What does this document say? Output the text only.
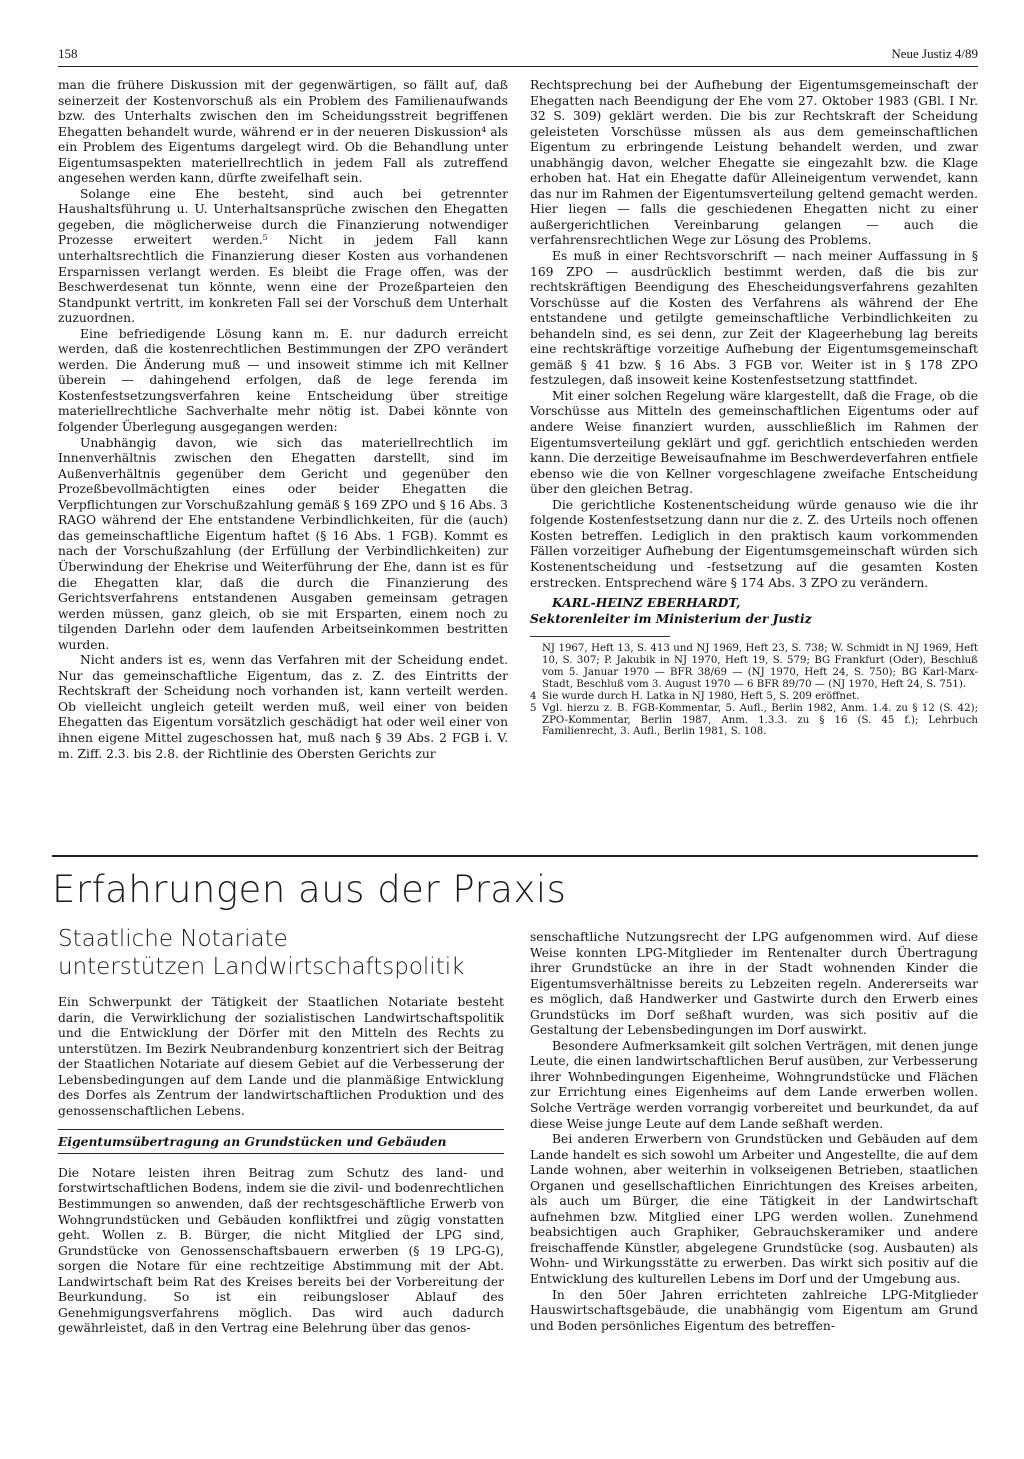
158	Neue Justiz 4/89

man die frühere Diskussion mit der gegenwärtigen, so fällt auf, daß seinerzeit der Kostenvorschuß als ein Problem des Familienaufwands bzw. des Unterhalts zwischen den im Scheidungsstreit begriffenen Ehegatten behandelt wurde, während er in der neueren Diskussion⁴ als ein Problem des Eigentums dargelegt wird. Ob die Behandlung unter Eigentumsaspekten materiellrechtlich in jedem Fall als zutreffend angesehen werden kann, dürfte zweifelhaft sein.

Solange eine Ehe besteht, sind auch bei getrennter Haushaltsführung u. U. Unterhaltsansprüche zwischen den Ehegatten gegeben, die möglicherweise durch die Finanzierung notwendiger Prozesse erweitert werden.⁵ Nicht in jedem Fall kann unterhaltsrechtlich die Finanzierung dieser Kosten aus vorhandenen Ersparnissen verlangt werden. Es bleibt die Frage offen, was der Beschwerdesenat tun könnte, wenn eine der Prozeßparteien den Standpunkt vertritt, im konkreten Fall sei der Vorschuß dem Unterhalt zuzuordnen.

Eine befriedigende Lösung kann m. E. nur dadurch erreicht werden, daß die kostenrechtlichen Bestimmungen der ZPO verändert werden. Die Änderung muß — und insoweit stimme ich mit Kellner überein — dahingehend erfolgen, daß de lege ferenda im Kostenfestsetzungsverfahren keine Entscheidung über streitige materiellrechtliche Sachverhalte mehr nötig ist. Dabei könnte von folgender Überlegung ausgegangen werden:

Unabhängig davon, wie sich das materiellrechtlich im Innenverhältnis zwischen den Ehegatten darstellt, sind im Außenverhältnis gegenüber dem Gericht und gegenüber den Prozeßbevollmächtigten eines oder beider Ehegatten die Verpflichtungen zur Vorschußzahlung gemäß § 169 ZPO und § 16 Abs. 3 RAGO während der Ehe entstandene Verbindlichkeiten, für die (auch) das gemeinschaftliche Eigentum haftet (§ 16 Abs. 1 FGB). Kommt es nach der Vorschußzahlung (der Erfüllung der Verbindlichkeiten) zur Überwindung der Ehekrise und Weiterführung der Ehe, dann ist es für die Ehegatten klar, daß die durch die Finanzierung des Gerichtsverfahrens entstandenen Ausgaben gemeinsam getragen werden müssen, ganz gleich, ob sie mit Ersparten, einem noch zu tilgenden Darlehn oder dem laufenden Arbeitseinkommen bestritten wurden.

Nicht anders ist es, wenn das Verfahren mit der Scheidung endet. Nur das gemeinschaftliche Eigentum, das z. Z. des Eintritts der Rechtskraft der Scheidung noch vorhanden ist, kann verteilt werden. Ob vielleicht ungleich geteilt werden muß, weil einer von beiden Ehegatten das Eigentum vorsätzlich geschädigt hat oder weil einer von ihnen eigene Mittel zugeschossen hat, muß nach § 39 Abs. 2 FGB i. V. m. Ziff. 2.3. bis 2.8. der Richtlinie des Obersten Gerichts zur

Rechtsprechung bei der Aufhebung der Eigentumsgemeinschaft der Ehegatten nach Beendigung der Ehe vom 27. Oktober 1983 (GBl. I Nr. 32 S. 309) geklärt werden. Die bis zur Rechtskraft der Scheidung geleisteten Vorschüsse müssen als aus dem gemeinschaftlichen Eigentum zu erbringende Leistung behandelt werden, und zwar unabhängig davon, welcher Ehegatte sie eingezahlt bzw. die Klage erhoben hat. Hat ein Ehegatte dafür Alleineigentum verwendet, kann das nur im Rahmen der Eigentumsverteilung geltend gemacht werden. Hier liegen — falls die geschiedenen Ehegatten nicht zu einer außergerichtlichen Vereinbarung gelangen — auch die verfahrensrechtlichen Wege zur Lösung des Problems.

Es muß in einer Rechtsvorschrift — nach meiner Auffassung in § 169 ZPO — ausdrücklich bestimmt werden, daß die bis zur rechtskräftigen Beendigung des Ehescheidungsverfahrens gezahlten Vorschüsse auf die Kosten des Verfahrens als während der Ehe entstandene und getilgte gemeinschaftliche Verbindlichkeiten zu behandeln sind, es sei denn, zur Zeit der Klageerhebung lag bereits eine rechtskräftige vorzeitige Aufhebung der Eigentumsgemeinschaft gemäß § 41 bzw. § 16 Abs. 3 FGB vor. Weiter ist in § 178 ZPO festzulegen, daß insoweit keine Kostenfestsetzung stattfindet.

Mit einer solchen Regelung wäre klargestellt, daß die Frage, ob die Vorschüsse aus Mitteln des gemeinschaftlichen Eigentums oder auf andere Weise finanziert wurden, ausschließlich im Rahmen der Eigentumsverteilung geklärt und ggf. gerichtlich entschieden werden kann. Die derzeitige Beweisaufnahme im Beschwerdeverfahren entfiele ebenso wie die von Kellner vorgeschlagene zweifache Entscheidung über den gleichen Betrag.

Die gerichtliche Kostenentscheidung würde genauso wie die ihr folgende Kostenfestsetzung dann nur die z. Z. des Urteils noch offenen Kosten betreffen. Lediglich in den praktisch kaum vorkommenden Fällen vorzeitiger Aufhebung der Eigentumsgemeinschaft würden sich Kostenentscheidung und -festsetzung auf die gesamten Kosten erstrecken. Entsprechend wäre § 174 Abs. 3 ZPO zu verändern.

KARL-HEINZ EBERHARDT,

Sektorenleiter im Ministerium der Justiz

NJ 1967, Heft 13, S. 413 und NJ 1969, Heft 23, S. 738; W. Schmidt in NJ 1969, Heft 10, S. 307; P. Jakubik in NJ 1970, Heft 19, S. 579; BG Frankfurt (Oder), Beschluß vom 5. Januar 1970 — BFR 38/69 — (NJ 1970, Heft 24, S. 750); BG Karl-Marx-Stadt, Beschluß vom 3. August 1970 — 6 BFR 89/70 — (NJ 1970, Heft 24, S. 751).

4 Sie wurde durch H. Latka in NJ 1980, Heft 5, S. 209 eröffnet.

5 Vgl. hierzu z. B. FGB-Kommentar, 5. Aufl., Berlin 1982, Anm. 1.4. zu § 12 (S. 42); ZPO-Kommentar, Berlin 1987, Anm. 1.3.3. zu § 16 (S. 45 f.); Lehrbuch Familienrecht, 3. Aufl., Berlin 1981, S. 108.

Erfahrungen aus der Praxis
Staatliche Notariate
unterstützen Landwirtschaftspolitik

Ein Schwerpunkt der Tätigkeit der Staatlichen Notariate besteht darin, die Verwirklichung der sozialistischen Landwirtschaftspolitik und die Entwicklung der Dörfer mit den Mitteln des Rechts zu unterstützen. Im Bezirk Neubrandenburg konzentriert sich der Beitrag der Staatlichen Notariate auf diesem Gebiet auf die Verbesserung der Lebensbedingungen auf dem Lande und die planmäßige Entwicklung des Dorfes als Zentrum der landwirtschaftlichen Produktion und des genossenschaftlichen Lebens.

Eigentumsübertragung an Grundstücken und Gebäuden

Die Notare leisten ihren Beitrag zum Schutz des land- und forstwirtschaftlichen Bodens, indem sie die zivil- und bodenrechtlichen Bestimmungen so anwenden, daß der rechtsgeschäftliche Erwerb von Wohngrundstücken und Gebäuden konfliktfrei und zügig vonstatten geht. Wollen z. B. Bürger, die nicht Mitglied der LPG sind, Grundstücke von Genossenschaftsbauern erwerben (§ 19 LPG-G), sorgen die Notare für eine rechtzeitige Abstimmung mit der Abt. Landwirtschaft beim Rat des Kreises bereits bei der Vorbereitung der Beurkundung. So ist ein reibungsloser Ablauf des Genehmigungsverfahrens möglich. Das wird auch dadurch gewährleistet, daß in den Vertrag eine Belehrung über das genos-

senschaftliche Nutzungsrecht der LPG aufgenommen wird. Auf diese Weise konnten LPG-Mitglieder im Rentenalter durch Übertragung ihrer Grundstücke an ihre in der Stadt wohnenden Kinder die Eigentumsverhältnisse bereits zu Lebzeiten regeln. Andererseits war es möglich, daß Handwerker und Gastwirte durch den Erwerb eines Grundstücks im Dorf seßhaft wurden, was sich positiv auf die Gestaltung der Lebensbedingungen im Dorf auswirkt.

Besondere Aufmerksamkeit gilt solchen Verträgen, mit denen junge Leute, die einen landwirtschaftlichen Beruf ausüben, zur Verbesserung ihrer Wohnbedingungen Eigenheime, Wohngrundstücke und Flächen zur Errichtung eines Eigenheims auf dem Lande erwerben wollen. Solche Verträge werden vorrangig vorbereitet und beurkundet, da auf diese Weise junge Leute auf dem Lande seßhaft werden.

Bei anderen Erwerbern von Grundstücken und Gebäuden auf dem Lande handelt es sich sowohl um Arbeiter und Angestellte, die auf dem Lande wohnen, aber weiterhin in volkseigenen Betrieben, staatlichen Organen und gesellschaftlichen Einrichtungen des Kreises arbeiten, als auch um Bürger, die eine Tätigkeit in der Landwirtschaft aufnehmen bzw. Mitglied einer LPG werden wollen. Zunehmend beabsichtigen auch Graphiker, Gebrauchskeramiker und andere freischaffende Künstler, abgelegene Grundstücke (sog. Ausbauten) als Wohn- und Wirkungsstätte zu erwerben. Das wirkt sich positiv auf die Entwicklung des kulturellen Lebens im Dorf und der Umgebung aus.

In den 50er Jahren errichteten zahlreiche LPG-Mitglieder Hauswirtschaftsgebäude, die unabhängig vom Eigentum am Grund und Boden persönliches Eigentum des betreffen-
